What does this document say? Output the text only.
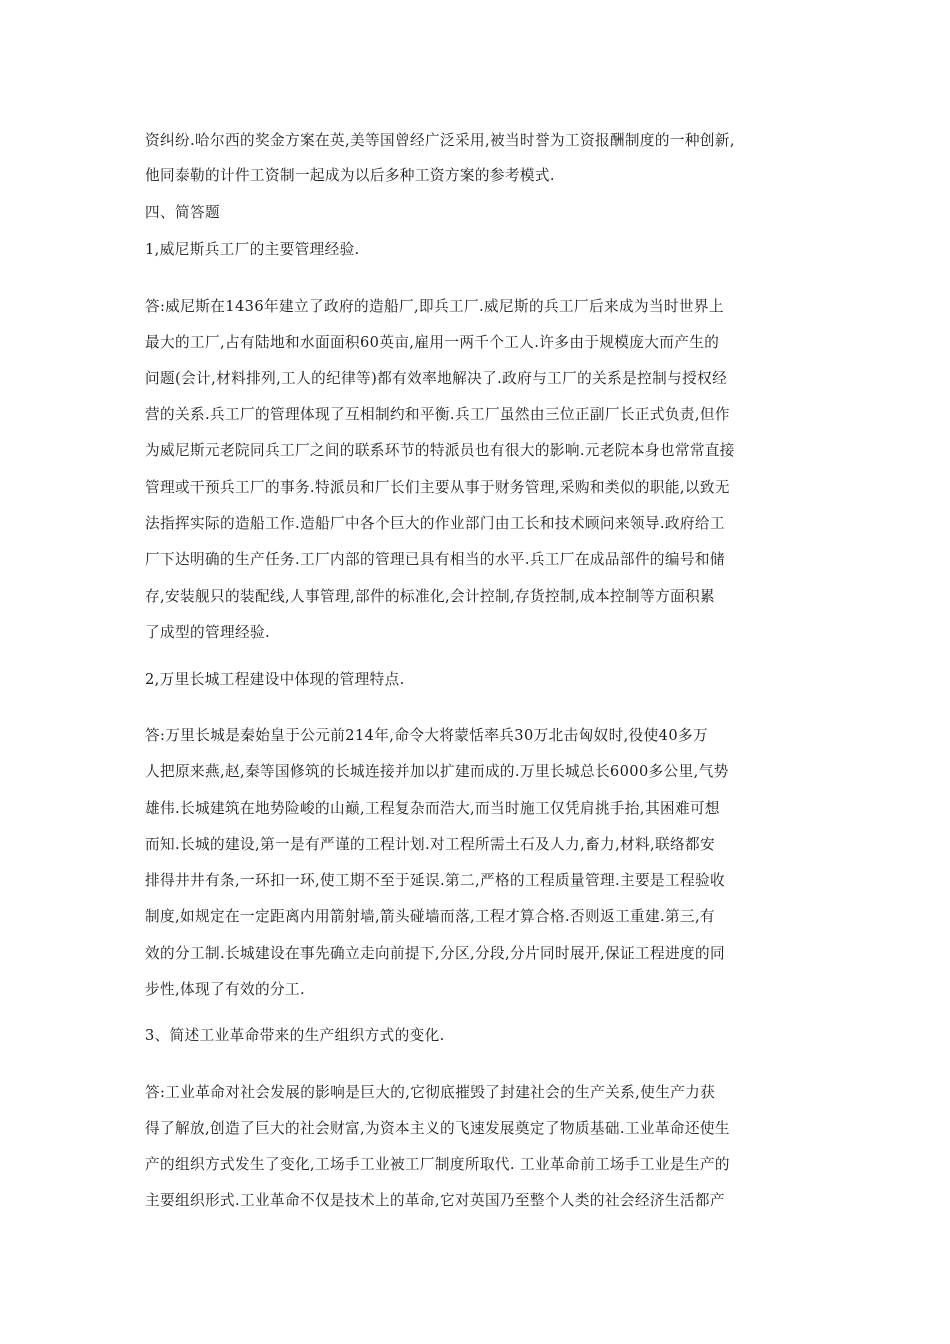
资纠纷.哈尔西的奖金方案在英,美等国曾经广泛采用,被当时誉为工资报酬制度的一种创新,
他同泰勒的计件工资制一起成为以后多种工资方案的参考模式.
四、简答题
1,威尼斯兵工厂的主要管理经验.
答:威尼斯在1436年建立了政府的造船厂,即兵工厂.威尼斯的兵工厂后来成为当时世界上
最大的工厂,占有陆地和水面面积60英亩,雇用一两千个工人.许多由于规模庞大而产生的
问题(会计,材料排列,工人的纪律等)都有效率地解决了.政府与工厂的关系是控制与授权经
营的关系.兵工厂的管理体现了互相制约和平衡.兵工厂虽然由三位正副厂长正式负责,但作
为威尼斯元老院同兵工厂之间的联系环节的特派员也有很大的影响.元老院本身也常常直接
管理或干预兵工厂的事务.特派员和厂长们主要从事于财务管理,采购和类似的职能,以致无
法指挥实际的造船工作.造船厂中各个巨大的作业部门由工长和技术顾问来领导.政府给工
厂下达明确的生产任务.工厂内部的管理已具有相当的水平.兵工厂在成品部件的编号和储
存,安装舰只的装配线,人事管理,部件的标准化,会计控制,存货控制,成本控制等方面积累
了成型的管理经验.
2,万里长城工程建设中体现的管理特点.
答:万里长城是秦始皇于公元前214年,命令大将蒙恬率兵30万北击匈奴时,役使40多万
人把原来燕,赵,秦等国修筑的长城连接并加以扩建而成的.万里长城总长6000多公里,气势
雄伟.长城建筑在地势险峻的山巅,工程复杂而浩大,而当时施工仅凭肩挑手抬,其困难可想
而知.长城的建设,第一是有严谨的工程计划.对工程所需土石及人力,畜力,材料,联络都安
排得井井有条,一环扣一环,使工期不至于延误.第二,严格的工程质量管理.主要是工程验收
制度,如规定在一定距离内用箭射墙,箭头碰墙而落,工程才算合格.否则返工重建.第三,有
效的分工制.长城建设在事先确立走向前提下,分区,分段,分片同时展开,保证工程进度的同
步性,体现了有效的分工.
3、简述工业革命带来的生产组织方式的变化.
答:工业革命对社会发展的影响是巨大的,它彻底摧毁了封建社会的生产关系,使生产力获
得了解放,创造了巨大的社会财富,为资本主义的飞速发展奠定了物质基础.工业革命还使生
产的组织方式发生了变化,工场手工业被工厂制度所取代. 工业革命前工场手工业是生产的
主要组织形式.工业革命不仅是技术上的革命,它对英国乃至整个人类的社会经济生活都产
